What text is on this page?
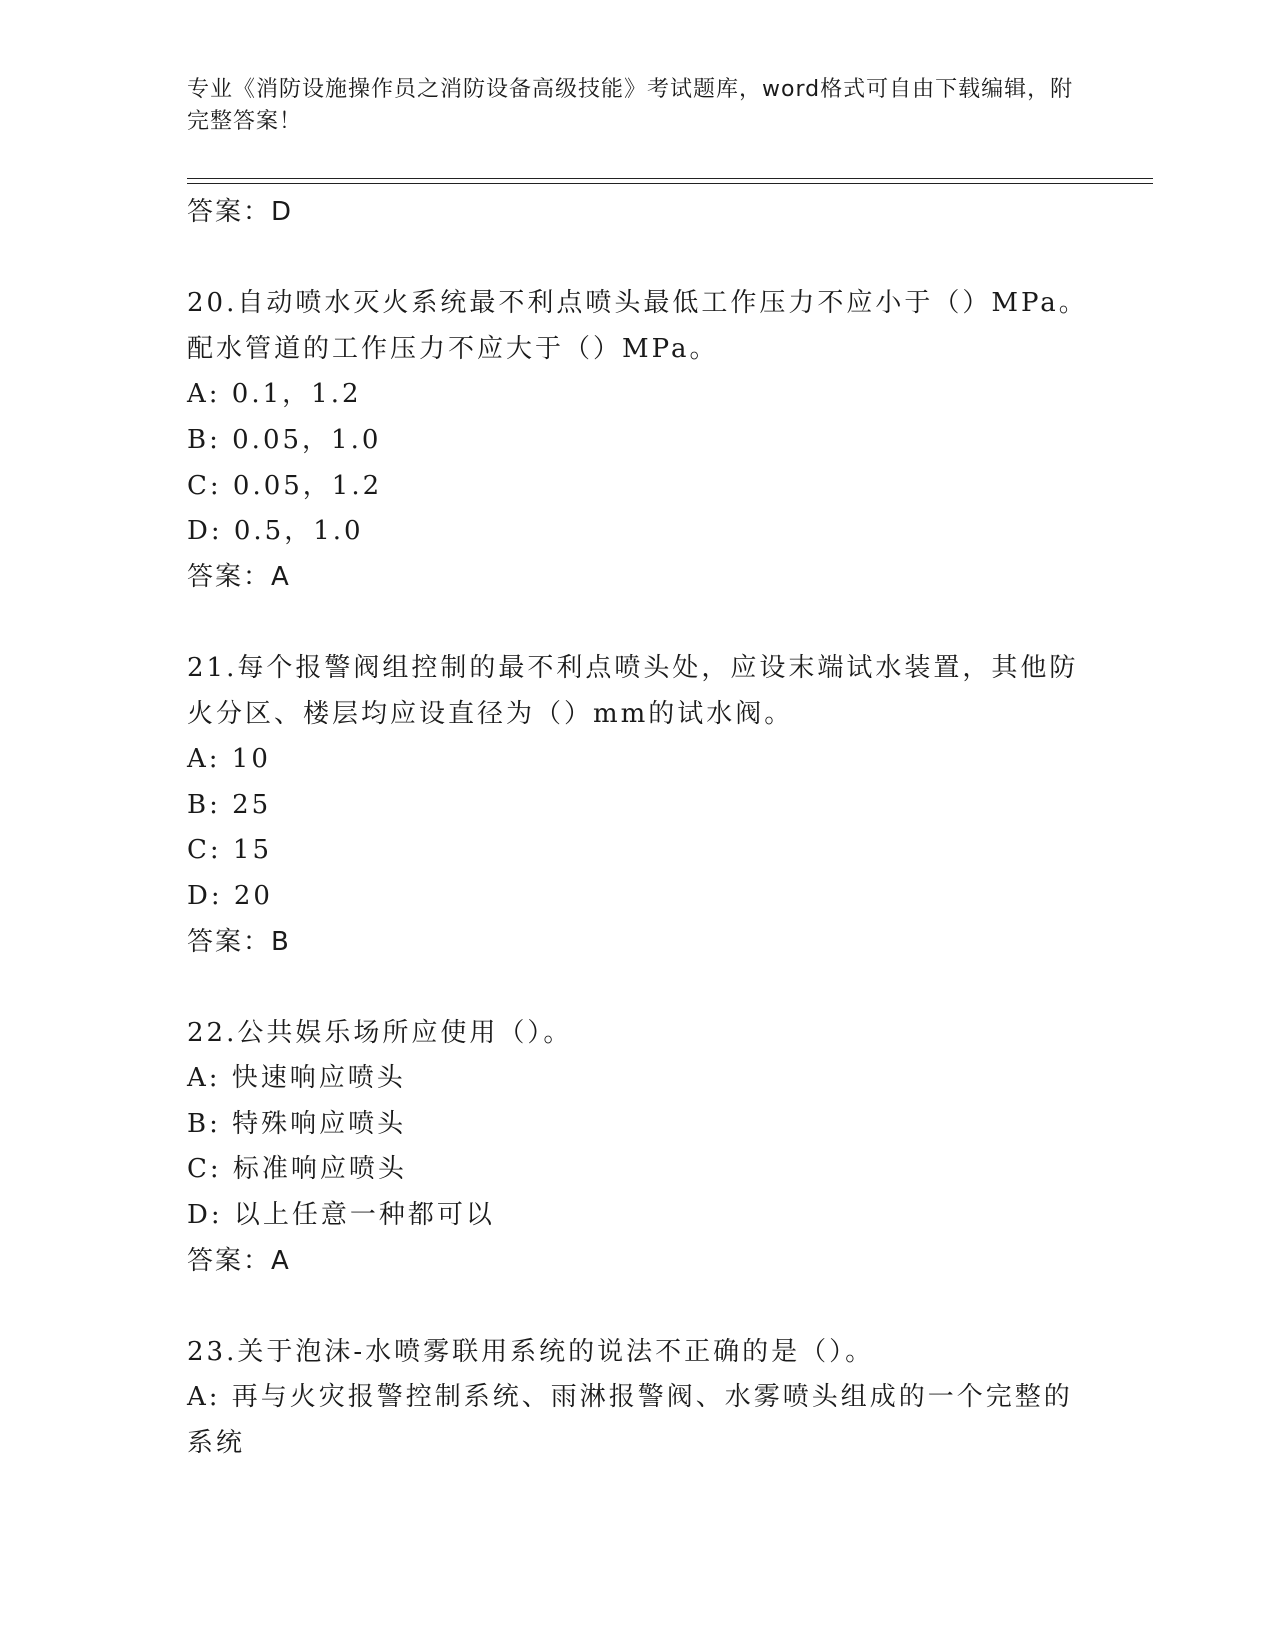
专业《消防设施操作员之消防设备高级技能》考试题库，word格式可自由下载编辑，附完整答案！
答案：D
20.自动喷水灭火系统最不利点喷头最低工作压力不应小于（）MPa。
配水管道的工作压力不应大于（）MPa。
A: 0.1，1.2
B: 0.05，1.0
C: 0.05，1.2
D: 0.5，1.0
答案：A
21.每个报警阀组控制的最不利点喷头处，应设末端试水装置，其他防
火分区、楼层均应设直径为（）mm的试水阀。
A: 10
B: 25
C: 15
D: 20
答案：B
22.公共娱乐场所应使用（）。
A: 快速响应喷头
B: 特殊响应喷头
C: 标准响应喷头
D: 以上任意一种都可以
答案：A
23.关于泡沫-水喷雾联用系统的说法不正确的是（）。
A: 再与火灾报警控制系统、雨淋报警阀、水雾喷头组成的一个完整的
系统
